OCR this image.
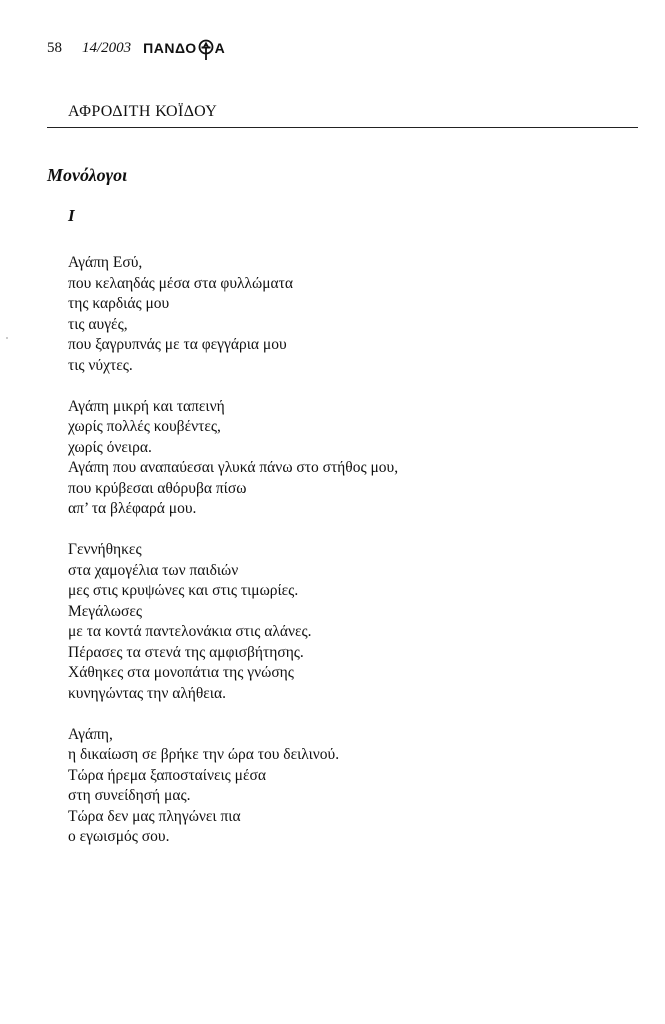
58 14/2003 ΠΑΝΔΟ Α
ΑΦΡΟΔΙΤΗ ΚΟΪΔΟΥ
Μονόλογοι
Ι
Αγάπη Εσύ,
που κελαηδάς μέσα στα φυλλώματα
της καρδιάς μου
τις αυγές,
που ξαγρυπνάς με τα φεγγάρια μου
τις νύχτες.
Αγάπη μικρή και ταπεινή
χωρίς πολλές κουβέντες,
χωρίς όνειρα.
Αγάπη που αναπαύεσαι γλυκά πάνω στο στήθος μου,
που κρύβεσαι αθόρυβα πίσω
απ’ τα βλέφαρά μου.
Γεννήθηκες
στα χαμογέλια των παιδιών
μες στις κρυψώνες και στις τιμωρίες.
Μεγάλωσες
με τα κοντά παντελονάκια στις αλάνες.
Πέρασες τα στενά της αμφισβήτησης.
Χάθηκες στα μονοπάτια της γνώσης
κυνηγώντας την αλήθεια.
Αγάπη,
η δικαίωση σε βρήκε την ώρα του δειλινού.
Τώρα ήρεμα ξαποσταίνεις μέσα
στη συνείδησή μας.
Τώρα δεν μας πληγώνει πια
ο εγωισμός σου.
